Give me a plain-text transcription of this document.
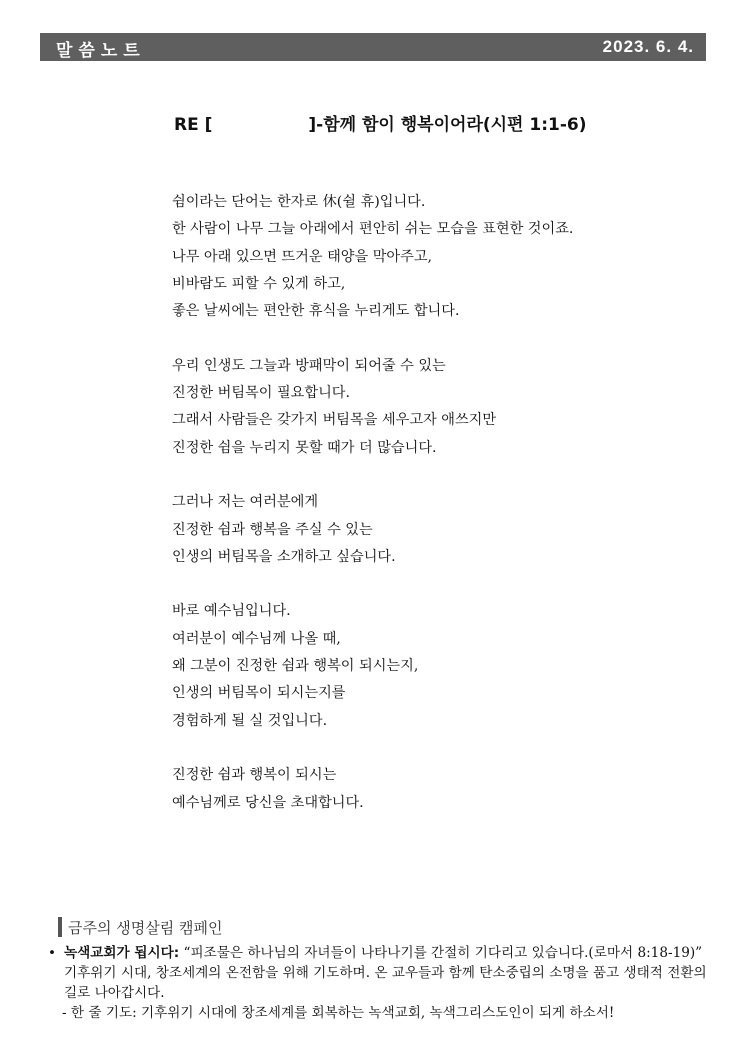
말씀노트	2023. 6. 4.
RE [	]-함께 함이 행복이어라(시편 1:1-6)
쉼이라는 단어는 한자로 休(쉴 휴)입니다.
한 사람이 나무 그늘 아래에서 편안히 쉬는 모습을 표현한 것이죠.
나무 아래 있으면 뜨거운 태양을 막아주고,
비바람도 피할 수 있게 하고,
좋은 날씨에는 편안한 휴식을 누리게도 합니다.
우리 인생도 그늘과 방패막이 되어줄 수 있는
진정한 버팀목이 필요합니다.
그래서 사람들은 갖가지 버팀목을 세우고자 애쓰지만
진정한 쉼을 누리지 못할 때가 더 많습니다.
그러나 저는 여러분에게
진정한 쉼과 행복을 주실 수 있는
인생의 버팀목을 소개하고 싶습니다.
바로 예수님입니다.
여러분이 예수님께 나올 때,
왜 그분이 진정한 쉼과 행복이 되시는지,
인생의 버팀목이 되시는지를
경험하게 될 실 것입니다.
진정한 쉼과 행복이 되시는
예수님께로 당신을 초대합니다.
금주의 생명살림 캠페인
• 녹색교회가 됩시다: “피조물은 하나님의 자녀들이 나타나기를 간절히 기다리고 있습니다.(로마서 8:18-19)” 기후위기 시대, 창조세계의 온전함을 위해 기도하며. 온 교우들과 함께 탄소중립의 소명을 품고 생태적 전환의 길로 나아갑시다.
- 한 줄 기도: 기후위기 시대에 창조세계를 회복하는 녹색교회, 녹색그리스도인이 되게 하소서!
